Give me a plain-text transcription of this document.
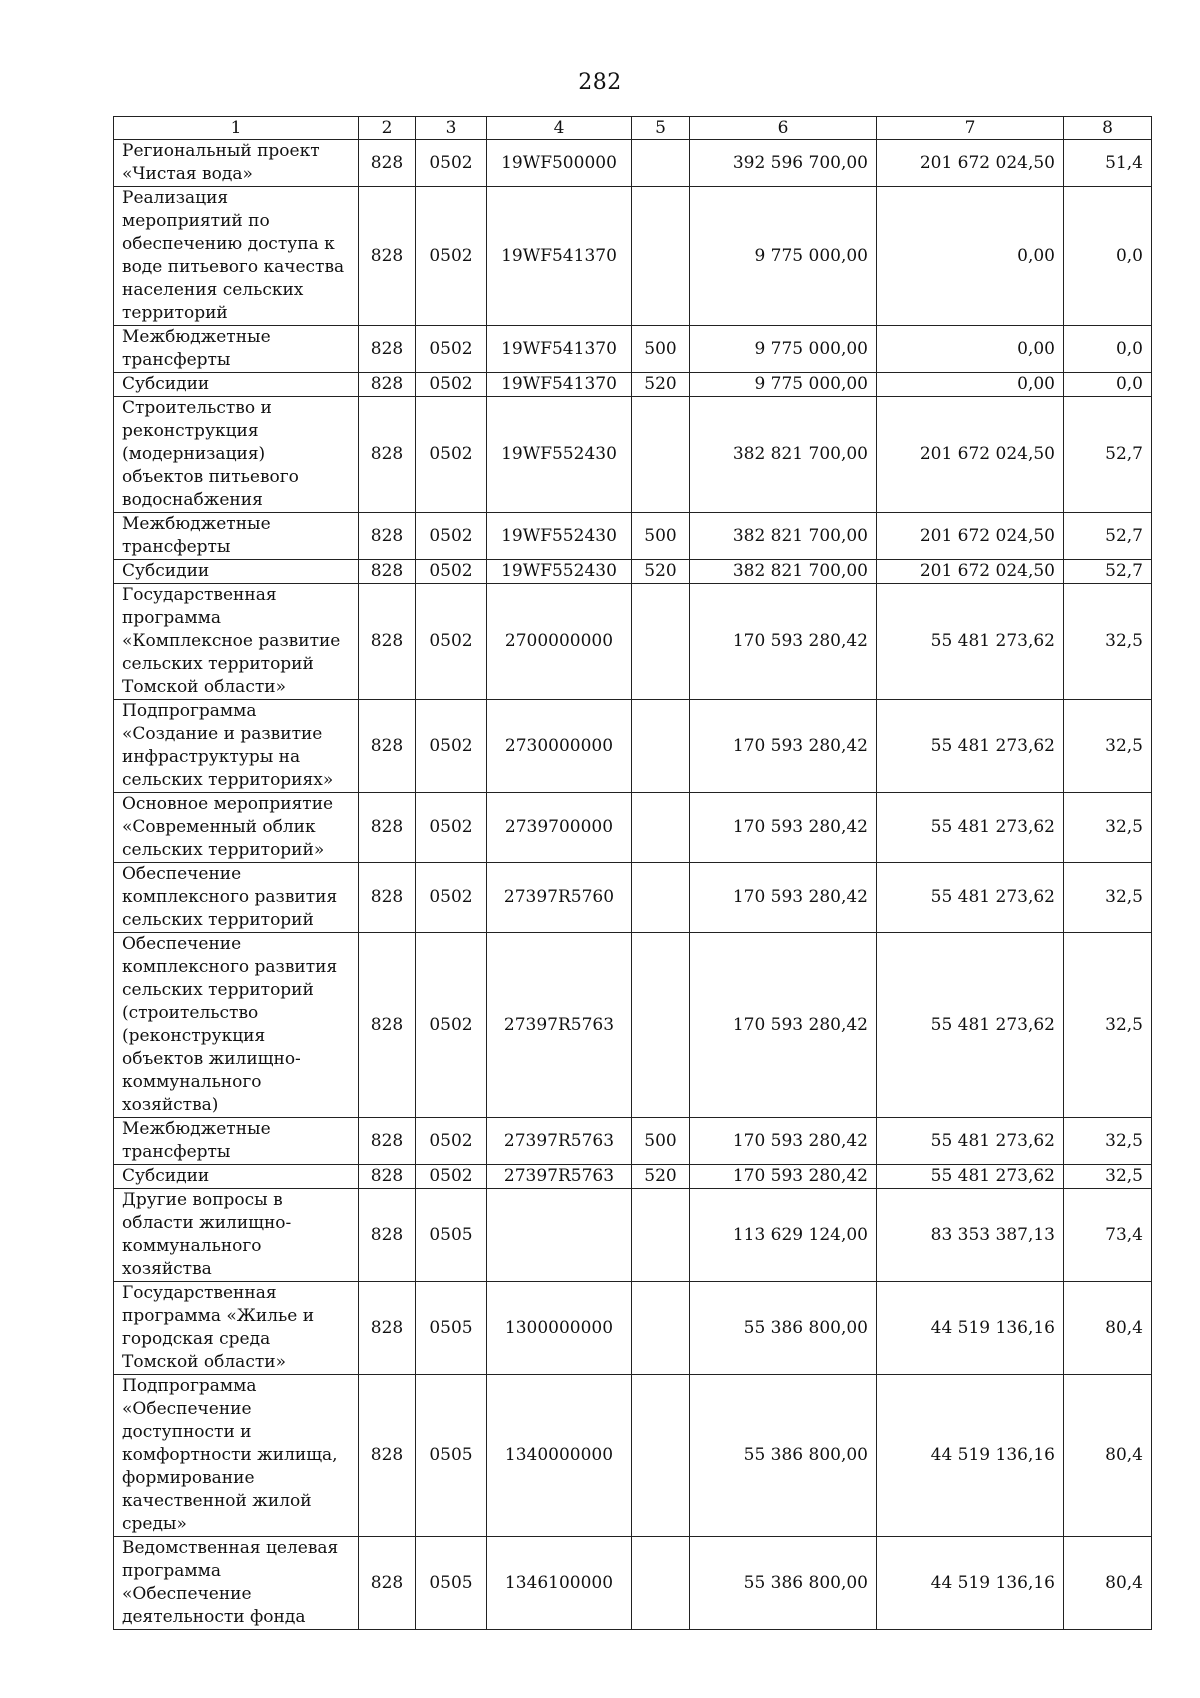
282
1	2	3	4	5	6	7	8
Региональный проект «Чистая вода»	828	0502	19WF500000		392 596 700,00	201 672 024,50	51,4
Реализация мероприятий по обеспечению доступа к воде питьевого качества населения сельских территорий	828	0502	19WF541370		9 775 000,00	0,00	0,0
Межбюджетные трансферты	828	0502	19WF541370	500	9 775 000,00	0,00	0,0
Субсидии	828	0502	19WF541370	520	9 775 000,00	0,00	0,0
Строительство и реконструкция (модернизация) объектов питьевого водоснабжения	828	0502	19WF552430		382 821 700,00	201 672 024,50	52,7
Межбюджетные трансферты	828	0502	19WF552430	500	382 821 700,00	201 672 024,50	52,7
Субсидии	828	0502	19WF552430	520	382 821 700,00	201 672 024,50	52,7
Государственная программа «Комплексное развитие сельских территорий Томской области»	828	0502	2700000000		170 593 280,42	55 481 273,62	32,5
Подпрограмма «Создание и развитие инфраструктуры на сельских территориях»	828	0502	2730000000		170 593 280,42	55 481 273,62	32,5
Основное мероприятие «Современный облик сельских территорий»	828	0502	2739700000		170 593 280,42	55 481 273,62	32,5
Обеспечение комплексного развития сельских территорий	828	0502	27397R5760		170 593 280,42	55 481 273,62	32,5
Обеспечение комплексного развития сельских территорий (строительство (реконструкция объектов жилищно-коммунального хозяйства)	828	0502	27397R5763		170 593 280,42	55 481 273,62	32,5
Межбюджетные трансферты	828	0502	27397R5763	500	170 593 280,42	55 481 273,62	32,5
Субсидии	828	0502	27397R5763	520	170 593 280,42	55 481 273,62	32,5
Другие вопросы в области жилищно-коммунального хозяйства	828	0505			113 629 124,00	83 353 387,13	73,4
Государственная программа «Жилье и городская среда Томской области»	828	0505	1300000000		55 386 800,00	44 519 136,16	80,4
Подпрограмма «Обеспечение доступности и комфортности жилища, формирование качественной жилой среды»	828	0505	1340000000		55 386 800,00	44 519 136,16	80,4
Ведомственная целевая программа «Обеспечение деятельности фонда	828	0505	1346100000		55 386 800,00	44 519 136,16	80,4
